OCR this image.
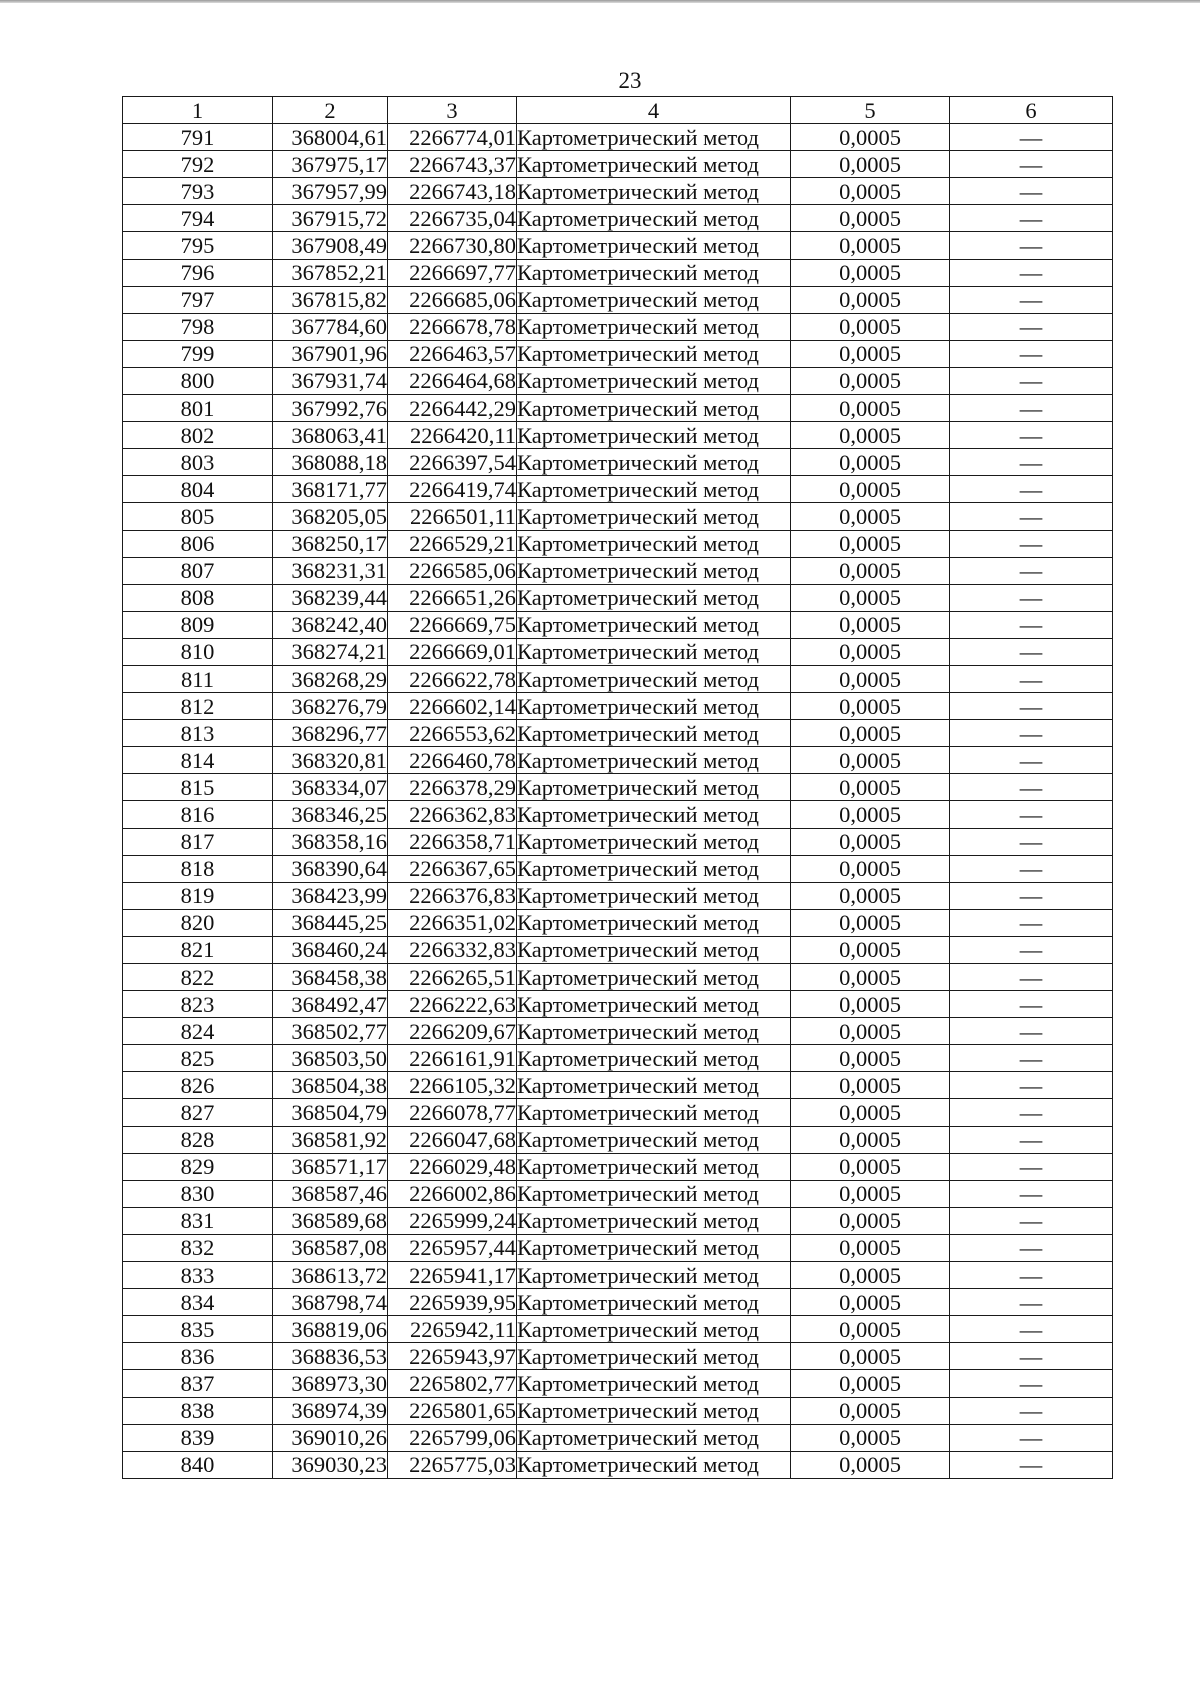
23
1	2	3	4	5	6
791	368004,61	2266774,01	Картометрический метод	0,0005	—
792	367975,17	2266743,37	Картометрический метод	0,0005	—
793	367957,99	2266743,18	Картометрический метод	0,0005	—
794	367915,72	2266735,04	Картометрический метод	0,0005	—
795	367908,49	2266730,80	Картометрический метод	0,0005	—
796	367852,21	2266697,77	Картометрический метод	0,0005	—
797	367815,82	2266685,06	Картометрический метод	0,0005	—
798	367784,60	2266678,78	Картометрический метод	0,0005	—
799	367901,96	2266463,57	Картометрический метод	0,0005	—
800	367931,74	2266464,68	Картометрический метод	0,0005	—
801	367992,76	2266442,29	Картометрический метод	0,0005	—
802	368063,41	2266420,11	Картометрический метод	0,0005	—
803	368088,18	2266397,54	Картометрический метод	0,0005	—
804	368171,77	2266419,74	Картометрический метод	0,0005	—
805	368205,05	2266501,11	Картометрический метод	0,0005	—
806	368250,17	2266529,21	Картометрический метод	0,0005	—
807	368231,31	2266585,06	Картометрический метод	0,0005	—
808	368239,44	2266651,26	Картометрический метод	0,0005	—
809	368242,40	2266669,75	Картометрический метод	0,0005	—
810	368274,21	2266669,01	Картометрический метод	0,0005	—
811	368268,29	2266622,78	Картометрический метод	0,0005	—
812	368276,79	2266602,14	Картометрический метод	0,0005	—
813	368296,77	2266553,62	Картометрический метод	0,0005	—
814	368320,81	2266460,78	Картометрический метод	0,0005	—
815	368334,07	2266378,29	Картометрический метод	0,0005	—
816	368346,25	2266362,83	Картометрический метод	0,0005	—
817	368358,16	2266358,71	Картометрический метод	0,0005	—
818	368390,64	2266367,65	Картометрический метод	0,0005	—
819	368423,99	2266376,83	Картометрический метод	0,0005	—
820	368445,25	2266351,02	Картометрический метод	0,0005	—
821	368460,24	2266332,83	Картометрический метод	0,0005	—
822	368458,38	2266265,51	Картометрический метод	0,0005	—
823	368492,47	2266222,63	Картометрический метод	0,0005	—
824	368502,77	2266209,67	Картометрический метод	0,0005	—
825	368503,50	2266161,91	Картометрический метод	0,0005	—
826	368504,38	2266105,32	Картометрический метод	0,0005	—
827	368504,79	2266078,77	Картометрический метод	0,0005	—
828	368581,92	2266047,68	Картометрический метод	0,0005	—
829	368571,17	2266029,48	Картометрический метод	0,0005	—
830	368587,46	2266002,86	Картометрический метод	0,0005	—
831	368589,68	2265999,24	Картометрический метод	0,0005	—
832	368587,08	2265957,44	Картометрический метод	0,0005	—
833	368613,72	2265941,17	Картометрический метод	0,0005	—
834	368798,74	2265939,95	Картометрический метод	0,0005	—
835	368819,06	2265942,11	Картометрический метод	0,0005	—
836	368836,53	2265943,97	Картометрический метод	0,0005	—
837	368973,30	2265802,77	Картометрический метод	0,0005	—
838	368974,39	2265801,65	Картометрический метод	0,0005	—
839	369010,26	2265799,06	Картометрический метод	0,0005	—
840	369030,23	2265775,03	Картометрический метод	0,0005	—
